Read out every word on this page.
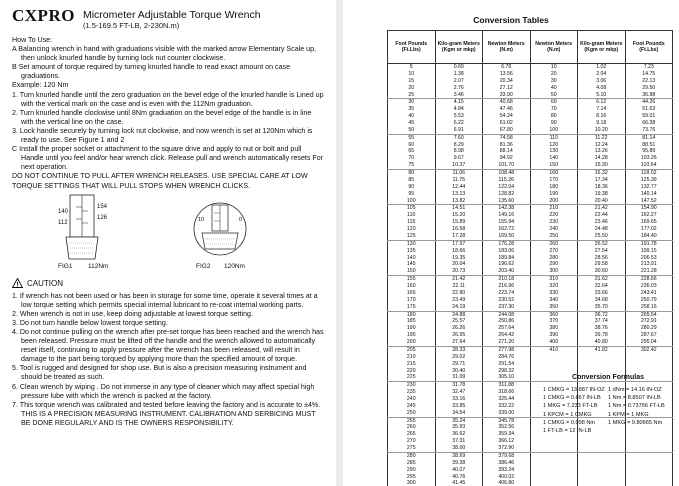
CXPRO Micrometer Adjustable Torque Wrench
(1.5-169.5 FT-LB, 2-230N.m)

How To Use:

A Balancing wrench in hand with graduations visible with the marked arrow Elementary Scale up, then unlock knurled handle by turning lock nut counter clockwise.

B Set amount of torque required by turning knurled handle to read exact amount on case graduations.

Example: 120 Nm

1. Turn knurled handle until the zero graduation on the bevel edge of the knurled handle is Lined up with the vertical mark on the case and is even with the 112Nm graduation.

2. Turn knurled handle clockwise until 8Nm graduation on the bevel edge of the handle is in line with the vertical line on the case.

3. Lock handle securely by turning lock nut clockwise, and now wrench is set at 120Nm which is ready to use. See Figure 1 and 2

C Install the proper socket or attachment to the square drive and apply to nut or bolt and pull Handle until you feel and/or hear wrench click. Release pull and wrench automatically resets For next operation.

DO NOT CONTINUE TO PULL AFTER WRENCH RELEASES. USE SPECIAL CARE AT LOW TORQUE SETTINGS THAT WILL PULL STOPS WHEN WRENCH CLICKS.

140
112
154
126
FIG1 112Nm
10	0
FIG2 120Nm
! CAUTION

1. If wrench has not been used or has been in storage for some time, operate it several times at a low torque setting which permits special internal lubricant to re-coat internal working parts.

2. When wrench is not in use, keep doing adjustable at lowest torque setting.

3. Do not turn handle below lowest torque setting.

4. Do not continue pulling on the wrench after pre-set torque has been reached and the wrench has been released. Pressure must be lifted off the handle and the wrench allowed to automatically reset itself, continuing to apply pressure after the wrench has been released, will result in damage to the part being torqued by applying more than the specified amount of torque.

5. Tool is rugged and designed for shop use. But is also a precision measuring instrument and should be treated as such.

6. Clean wrench by wiping . Do not immerse in any type of cleaner which may affect special high pressure lube with which the wrench is packed at the factory.

7. This torque wrench was calibrated and tested before leaving the factory and is accurate to ±4%. THIS IS A PRECISION MEASURING INSTRUMENT. CALIBRATION AND SERBICING MUST BE DONE REGULARLY AND IS THE OWNERS RESPONSIBILITY.

Conversion Tables
Foot Pounds (Ft.Lbs)	Kilo-gram Meters (Kgm or mkp)	Newton Meters (N.m)	Newton Meters (N.m)	Kilo-gram Meters (Kgm or mkp)	Foot Pounds (Ft.Lbs)
5	0.69	6.78	10	1.02	7.23
10	1.38	13.56	20	2.04	14.75
15	2.07	20.34	30	3.06	22.13
20	2.76	27.12	40	4.08	29.50
25	3.46	33.90	50	5.10	36.88
30	4.15	40.68	60	6.12	44.26
35	4.84	47.46	70	7.14	51.63
40	5.53	54.24	80	8.16	59.01
45	6.22	61.02	90	9.18	66.38
50	6.91	67.80	100	10.20	73.76
55	7.60	74.58	110	11.22	81.14
60	8.29	81.36	120	12.24	88.51
65	8.98	88.14	130	13.26	95.89
70	9.67	94.92	140	14.28	103.26
75	10.37	101.70	150	15.30	110.64
80	11.06	108.48	160	16.32	118.02
85	11.75	115.26	170	17.34	125.39
90	12.44	122.04	180	18.36	132.77
95	13.13	128.82	190	19.38	140.14
100	13.82	135.60	200	20.40	147.52
105	14.51	142.38	210	21.42	154.90
110	15.20	149.16	220	22.44	162.27
115	15.89	155.94	230	23.46	169.65
120	16.58	162.72	240	24.48	177.02
125	17.28	169.50	250	25.50	184.40
130	17.97	176.28	260	26.52	191.78
135	18.66	183.06	270	27.54	199.15
140	19.35	189.84	280	28.56	206.53
145	20.04	196.62	290	29.58	213.91
150	20.73	203.40	300	30.60	221.28
155	21.42	210.18	310	31.62	228.66
160	22.11	216.96	320	32.64	236.03
165	22.80	223.74	330	33.66	243.41
170	23.49	230.52	340	34.68	250.79
175	24.19	237.30	350	35.70	258.16
180	24.88	244.08	360	36.72	265.54
185	25.57	250.86	370	37.74	272.91
190	26.26	257.64	380	38.76	280.29
195	26.95	264.42	390	39.78	287.67
200	27.64	271.20	400	40.80	295.04
205	28.33	277.98	410	41.82	302.42
210	29.02	284.76			
215	29.71	291.54			
220	30.40	298.32			
225	31.09	305.10			
230	31.78	311.88			
235	32.47	318.66			
240	33.16	325.44			
245	33.85	332.22			
250	34.54	339.00			
255	35.24	345.78			
260	35.93	352.56			
265	36.62	359.34			
270	37.31	366.12			
275	38.00	372.90			
280	38.69	379.68			
285	39.38	386.46			
290	40.07	393.24			
295	40.76	400.02			
300	41.45	406.80			
Conversion Formulas
1 CMKG = 13.887 IN-OZ
1 CMKG = 0.867 IN-LB
1 MKG = 7.233 FT-LB
1 KPCM = 1 CMKG
1 CMKG = 0.098 Nm
1 FT-LB = 12 IN-LB
1 dNm = 14.16 IN-OZ
1 Nm = 8.8507 IN-LB
1 Nm = 0.73756 FT-LB
1 KPM = 1 MKG
1 MKG = 9.80665 Nm
